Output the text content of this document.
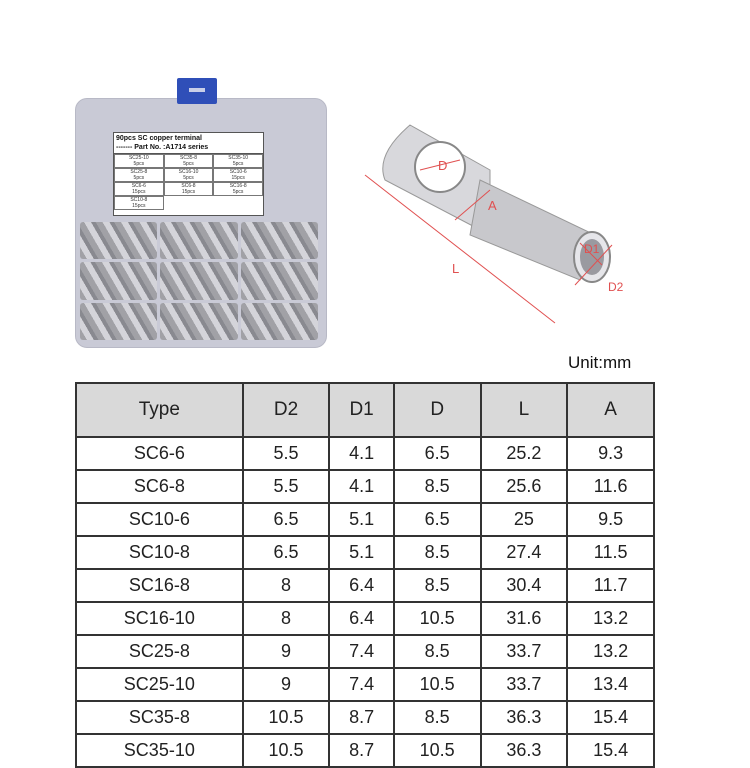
90pcs SC copper terminal
------- Part No. :A1714 series
SC25-10
5pcs
SC35-8
5pcs
SC35-10
5pcs
SC25-8
5pcs
SC16-10
5pcs
SC10-6
15pcs
SC6-6
15pcs
SC6-8
15pcs
SC16-8
5pcs
SC10-8
15pcs
D
A
L
D1
D2
Unit:mm
Type	D2	D1	D	L	A
SC6-6	5.5	4.1	6.5	25.2	9.3
SC6-8	5.5	4.1	8.5	25.6	11.6
SC10-6	6.5	5.1	6.5	25	9.5
SC10-8	6.5	5.1	8.5	27.4	11.5
SC16-8	8	6.4	8.5	30.4	11.7
SC16-10	8	6.4	10.5	31.6	13.2
SC25-8	9	7.4	8.5	33.7	13.2
SC25-10	9	7.4	10.5	33.7	13.4
SC35-8	10.5	8.7	8.5	36.3	15.4
SC35-10	10.5	8.7	10.5	36.3	15.4
